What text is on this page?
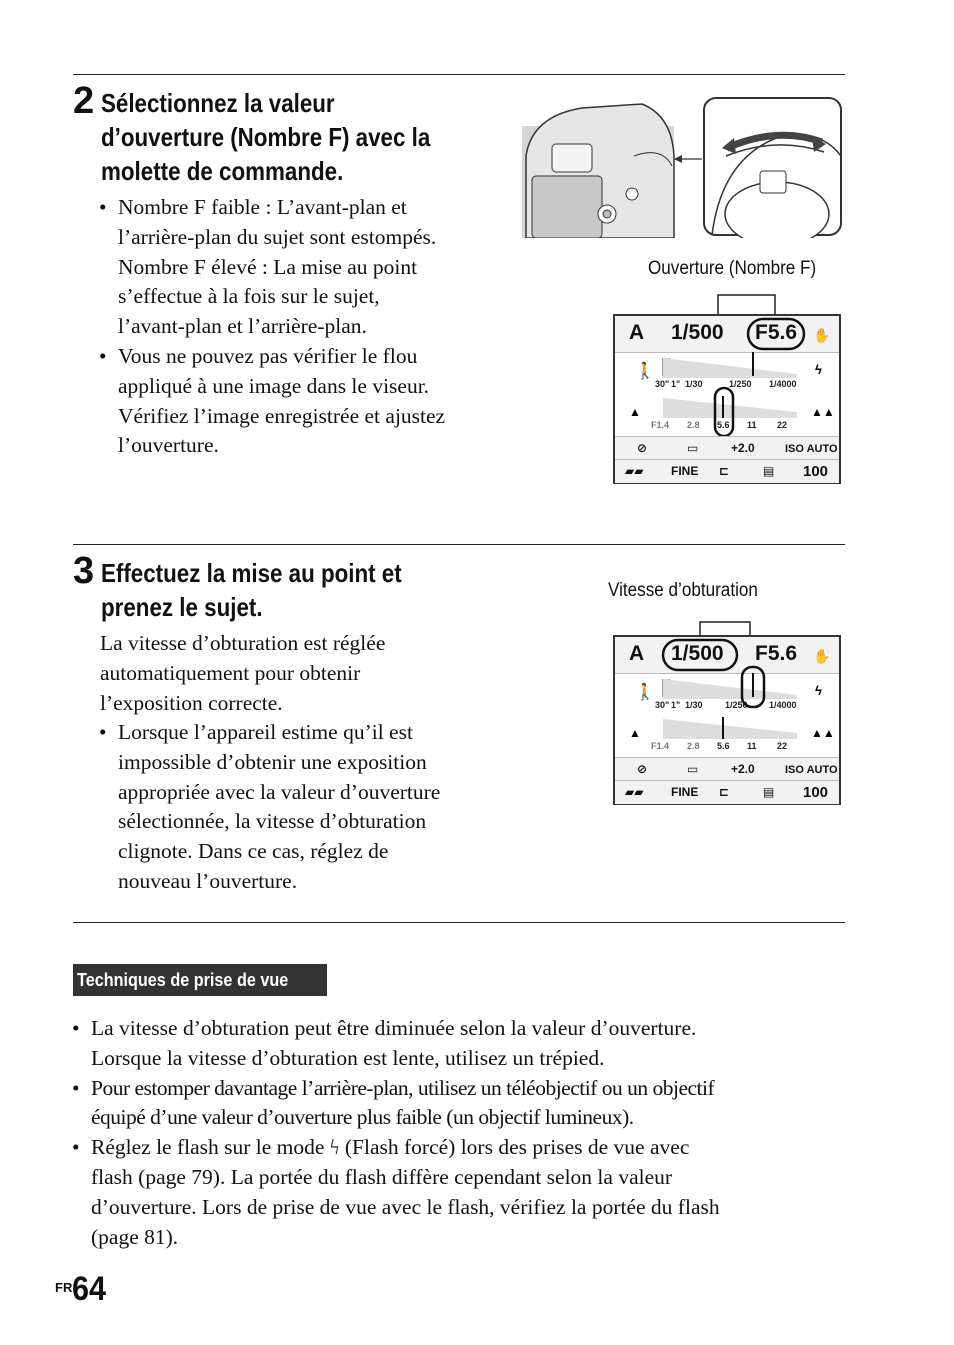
2 Sélectionnez la valeur
d’ouverture (Nombre F) avec la
molette de commande.
• Nombre F faible : L’avant-plan et
l’arrière-plan du sujet sont estompés.
Nombre F élevé : La mise au point
s’effectue à la fois sur le sujet,
l’avant-plan et l’arrière-plan.
• Vous ne pouvez pas vérifier le flou
appliqué à une image dans le viseur.
Vérifiez l’image enregistrée et ajustez
l’ouverture.
Ouverture (Nombre F)
A 1/500 F5.6 ✋
🚶	ϟ
▲	▲▲
30" 1" 1/30	1/250 1/4000
F1.4 2.8 5.6 11 22
⊘	▭	+2.0	ISO AUTO
▰▰ FINE ⊏	▤ 100
3 Effectuez la mise au point et
prenez le sujet.
La vitesse d’obturation est réglée
automatiquement pour obtenir
l’exposition correcte.
• Lorsque l’appareil estime qu’il est
impossible d’obtenir une exposition
appropriée avec la valeur d’ouverture
sélectionnée, la vitesse d’obturation
clignote. Dans ce cas, réglez de
nouveau l’ouverture.
Vitesse d’obturation
A 1/500 F5.6 ✋
🚶	ϟ
▲	▲▲
30" 1" 1/30 1/250 1/4000
F1.4 2.8 5.6 11 22
⊘	▭	+2.0	ISO AUTO
▰▰ FINE ⊏	▤ 100
Techniques de prise de vue
• La vitesse d’obturation peut être diminuée selon la valeur d’ouverture.
Lorsque la vitesse d’obturation est lente, utilisez un trépied.
• Pour estomper davantage l’arrière-plan, utilisez un téléobjectif ou un objectif
équipé d’une valeur d’ouverture plus faible (un objectif lumineux).
• Réglez le flash sur le mode ϟ (Flash forcé) lors des prises de vue avec
flash (page 79). La portée du flash diffère cependant selon la valeur
d’ouverture. Lors de prise de vue avec le flash, vérifiez la portée du flash
(page 81).
$^{FR}$64
